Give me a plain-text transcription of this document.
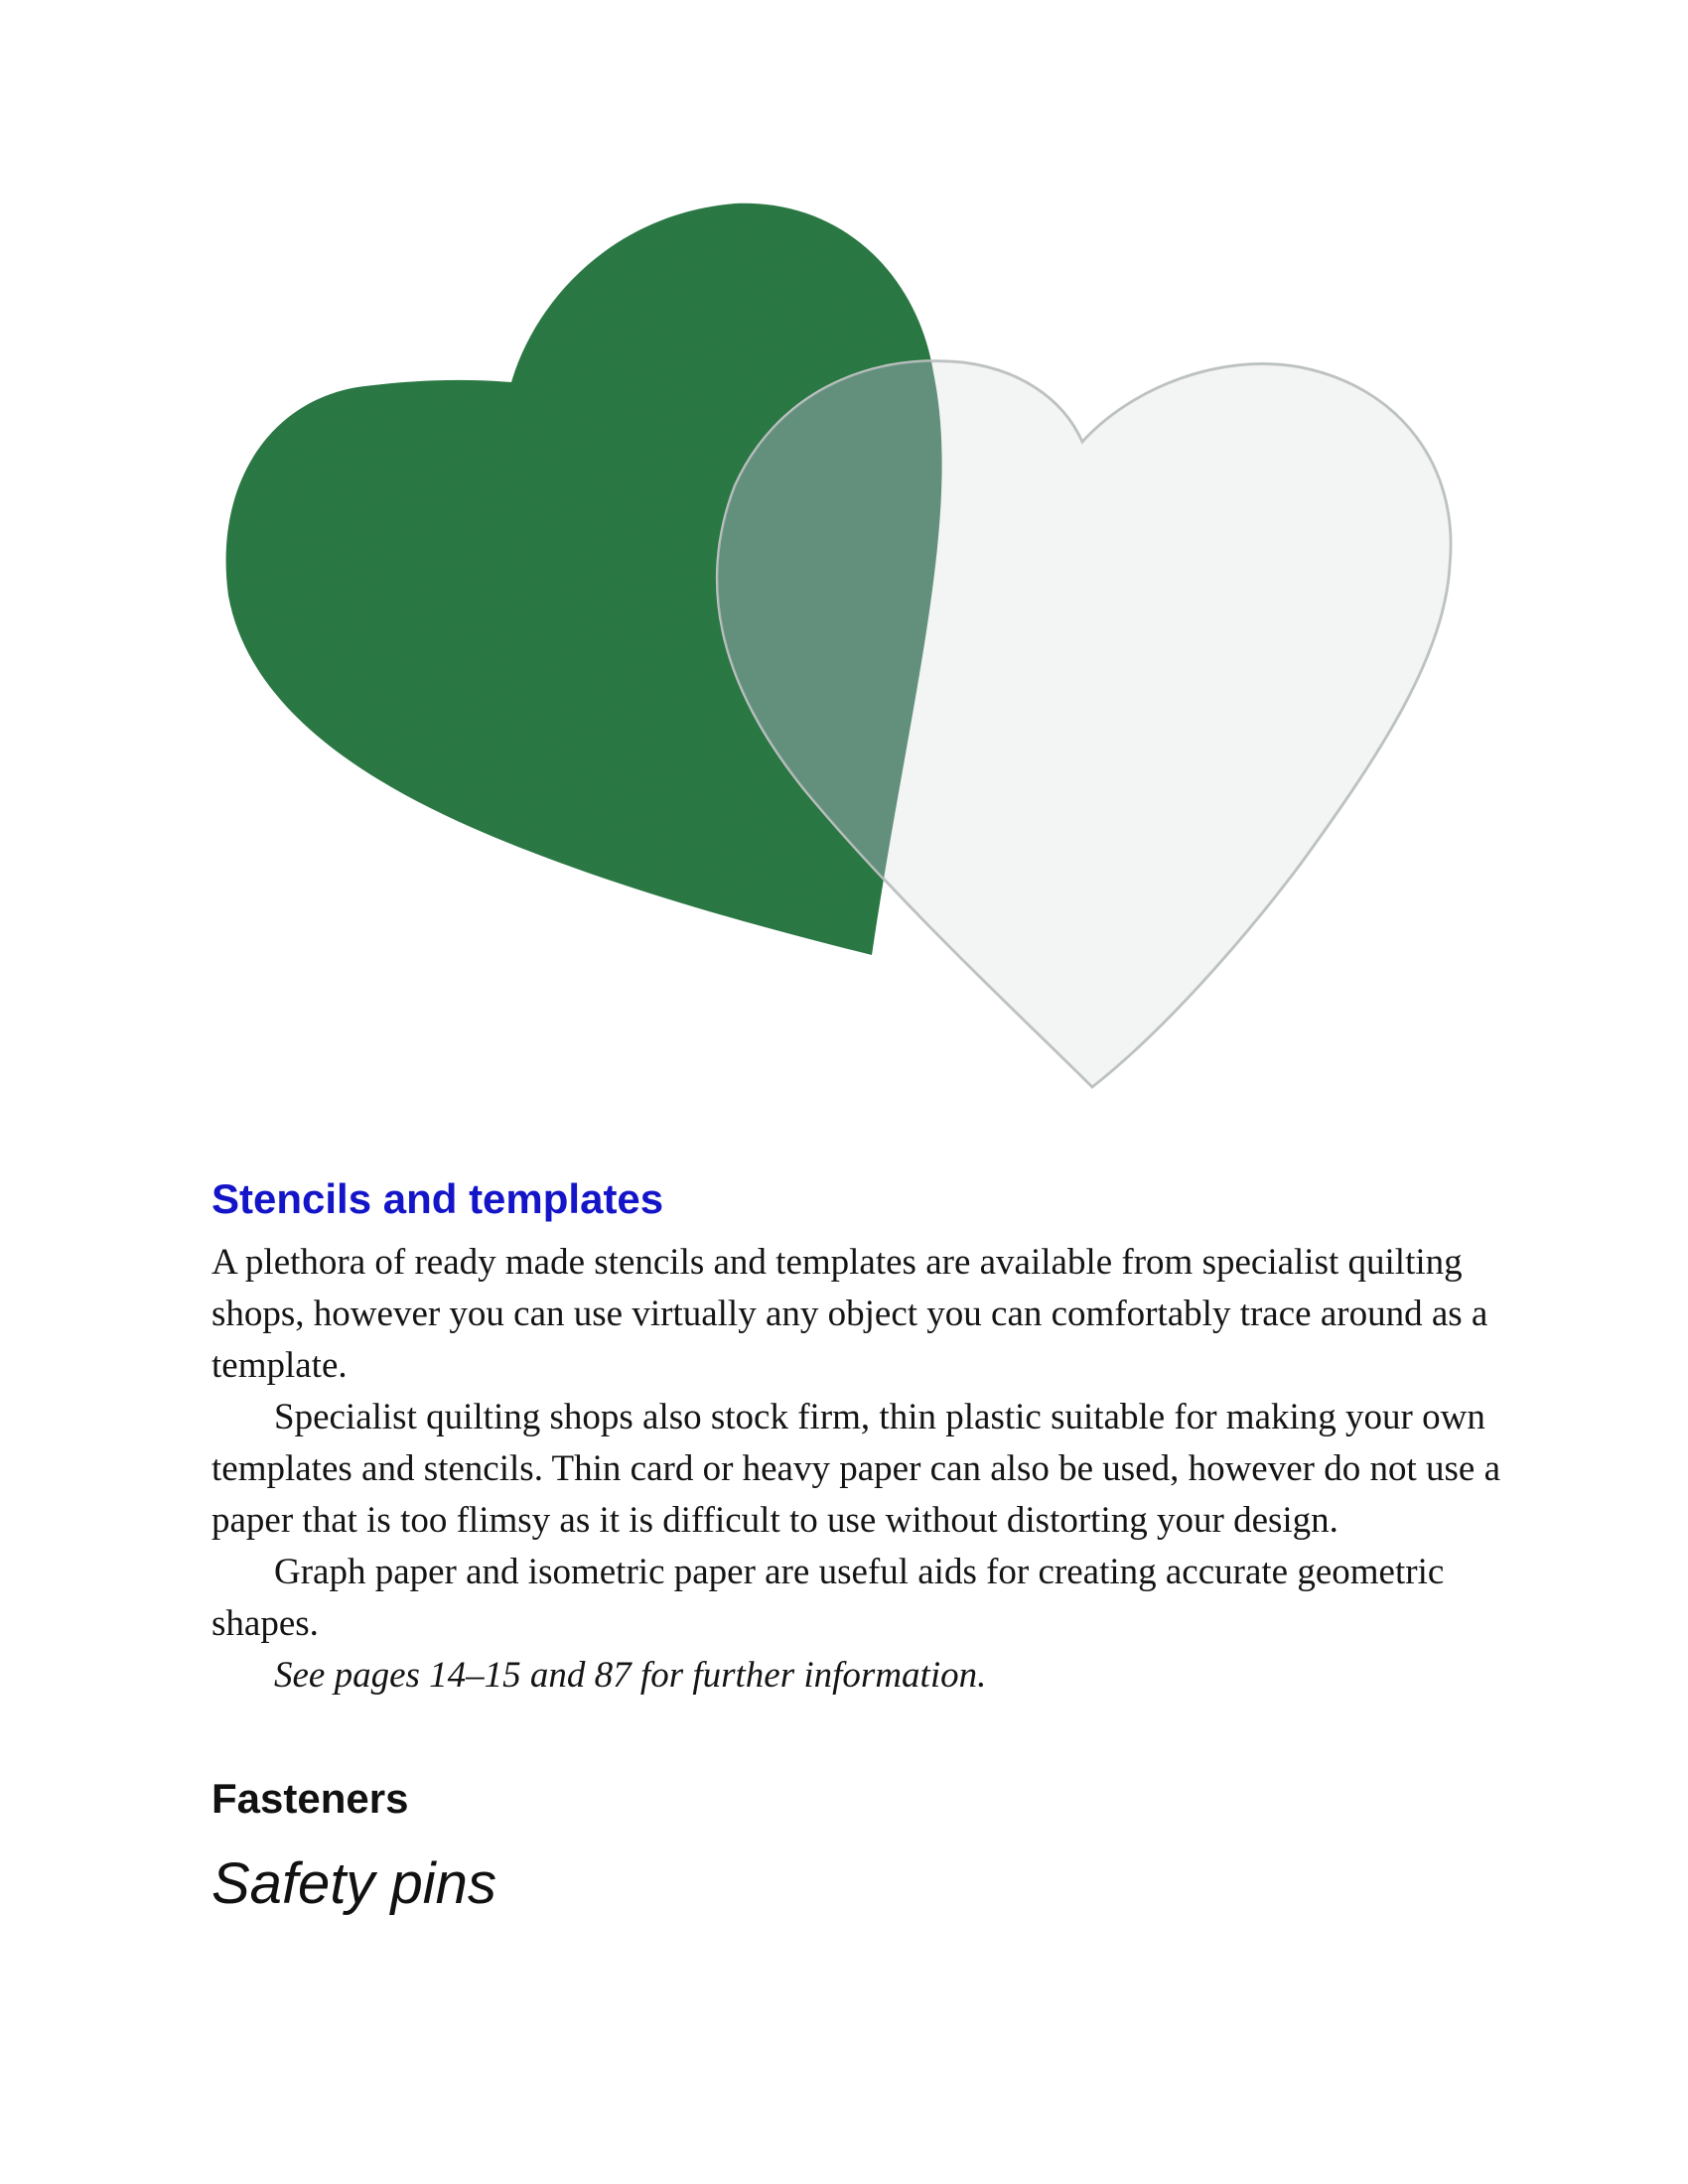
Stencils and templates

A plethora of ready made stencils and templates are available from specialist quilting shops, however you can use virtually any object you can comfortably trace around as a template.

Specialist quilting shops also stock firm, thin plastic suitable for making your own templates and stencils. Thin card or heavy paper can also be used, however do not use a paper that is too flimsy as it is difficult to use without distorting your design.

Graph paper and isometric paper are useful aids for creating accurate geometric shapes.

See pages 14–15 and 87 for further information.

Fasteners
Safety pins
